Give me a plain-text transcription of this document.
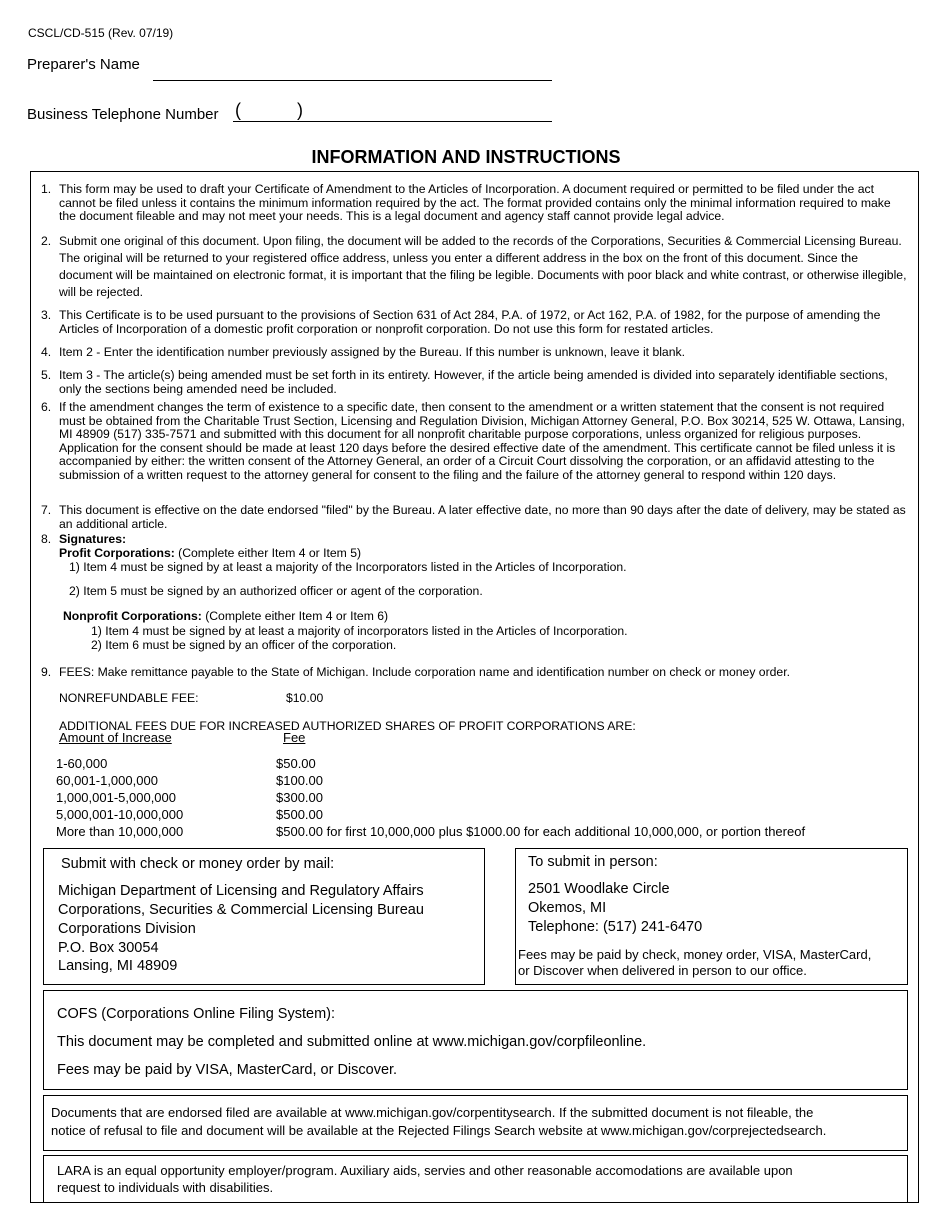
CSCL/CD-515 (Rev. 07/19)
Preparer's Name
Business Telephone Number (	)
INFORMATION AND INSTRUCTIONS
1. This form may be used to draft your Certificate of Amendment to the Articles of Incorporation. A document required or permitted to be filed under the act cannot be filed unless it contains the minimum information required by the act. The format provided contains only the minimal information required to make the document fileable and may not meet your needs. This is a legal document and agency staff cannot provide legal advice.
2. Submit one original of this document. Upon filing, the document will be added to the records of the Corporations, Securities & Commercial Licensing Bureau. The original will be returned to your registered office address, unless you enter a different address in the box on the front of this document. Since the document will be maintained on electronic format, it is important that the filing be legible. Documents with poor black and white contrast, or otherwise illegible, will be rejected.
3. This Certificate is to be used pursuant to the provisions of Section 631 of Act 284, P.A. of 1972, or Act 162, P.A. of 1982, for the purpose of amending the Articles of Incorporation of a domestic profit corporation or nonprofit corporation. Do not use this form for restated articles.
4. Item 2 - Enter the identification number previously assigned by the Bureau. If this number is unknown, leave it blank.
5. Item 3 - The article(s) being amended must be set forth in its entirety. However, if the article being amended is divided into separately identifiable sections, only the sections being amended need be included.
6. If the amendment changes the term of existence to a specific date, then consent to the amendment or a written statement that the consent is not required must be obtained from the Charitable Trust Section, Licensing and Regulation Division, Michigan Attorney General, P.O. Box 30214, 525 W. Ottawa, Lansing, MI 48909 (517) 335-7571 and submitted with this document for all nonprofit charitable purpose corporations, unless organized for religious purposes. Application for the consent should be made at least 120 days before the desired effective date of the amendment. This certificate cannot be filed unless it is accompanied by either: the written consent of the Attorney General, an order of a Circuit Court dissolving the corporation, or an affidavid attesting to the submission of a written request to the attorney general for consent to the filing and the failure of the attorney general to respond within 120 days.
7. This document is effective on the date endorsed "filed" by the Bureau. A later effective date, no more than 90 days after the date of delivery, may be stated as an additional article.
8. Signatures:
Profit Corporations: (Complete either Item 4 or Item 5)
1) Item 4 must be signed by at least a majority of the Incorporators listed in the Articles of Incorporation.
2) Item 5 must be signed by an authorized officer or agent of the corporation.
Nonprofit Corporations: (Complete either Item 4 or Item 6)
1) Item 4 must be signed by at least a majority of incorporators listed in the Articles of Incorporation.
2) Item 6 must be signed by an officer of the corporation.
9. FEES: Make remittance payable to the State of Michigan. Include corporation name and identification number on check or money order.
NONREFUNDABLE FEE:	$10.00
ADDITIONAL FEES DUE FOR INCREASED AUTHORIZED SHARES OF PROFIT CORPORATIONS ARE:
Amount of Increase	Fee
1-60,000	$50.00
60,001-1,000,000	$100.00
1,000,001-5,000,000	$300.00
5,000,001-10,000,000	$500.00
More than 10,000,000	$500.00 for first 10,000,000 plus $1000.00 for each additional 10,000,000, or portion thereof
Submit with check or money order by mail:
Michigan Department of Licensing and Regulatory Affairs
Corporations, Securities & Commercial Licensing Bureau
Corporations Division
P.O. Box 30054
Lansing, MI 48909
To submit in person:
2501 Woodlake Circle
Okemos, MI
Telephone: (517) 241-6470
Fees may be paid by check, money order, VISA, MasterCard,
or Discover when delivered in person to our office.
COFS (Corporations Online Filing System):
This document may be completed and submitted online at www.michigan.gov/corpfileonline.
Fees may be paid by VISA, MasterCard, or Discover.
Documents that are endorsed filed are available at www.michigan.gov/corpentitysearch. If the submitted document is not fileable, the
notice of refusal to file and document will be available at the Rejected Filings Search website at www.michigan.gov/corprejectedsearch.
LARA is an equal opportunity employer/program. Auxiliary aids, servies and other reasonable accomodations are available upon
request to individuals with disabilities.
